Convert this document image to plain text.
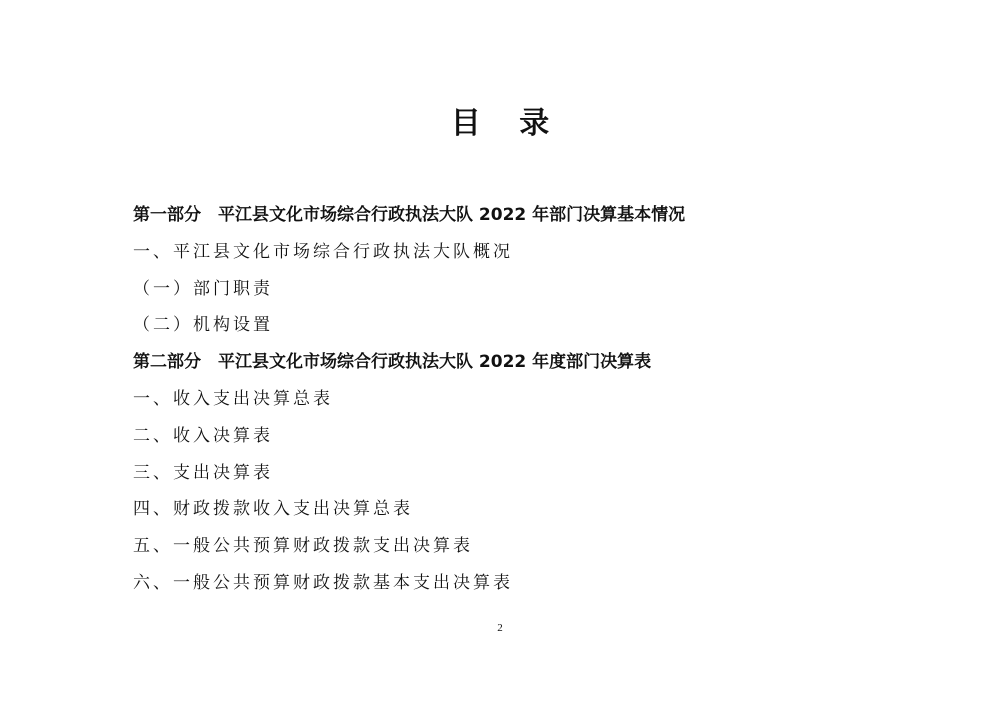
目 录
第一部分　平江县文化市场综合行政执法大队 2022 年部门决算基本情况
一、平江县文化市场综合行政执法大队概况
（一）部门职责
（二）机构设置
第二部分　平江县文化市场综合行政执法大队 2022 年度部门决算表
一、收入支出决算总表
二、收入决算表
三、支出决算表
四、财政拨款收入支出决算总表
五、一般公共预算财政拨款支出决算表
六、一般公共预算财政拨款基本支出决算表
2
